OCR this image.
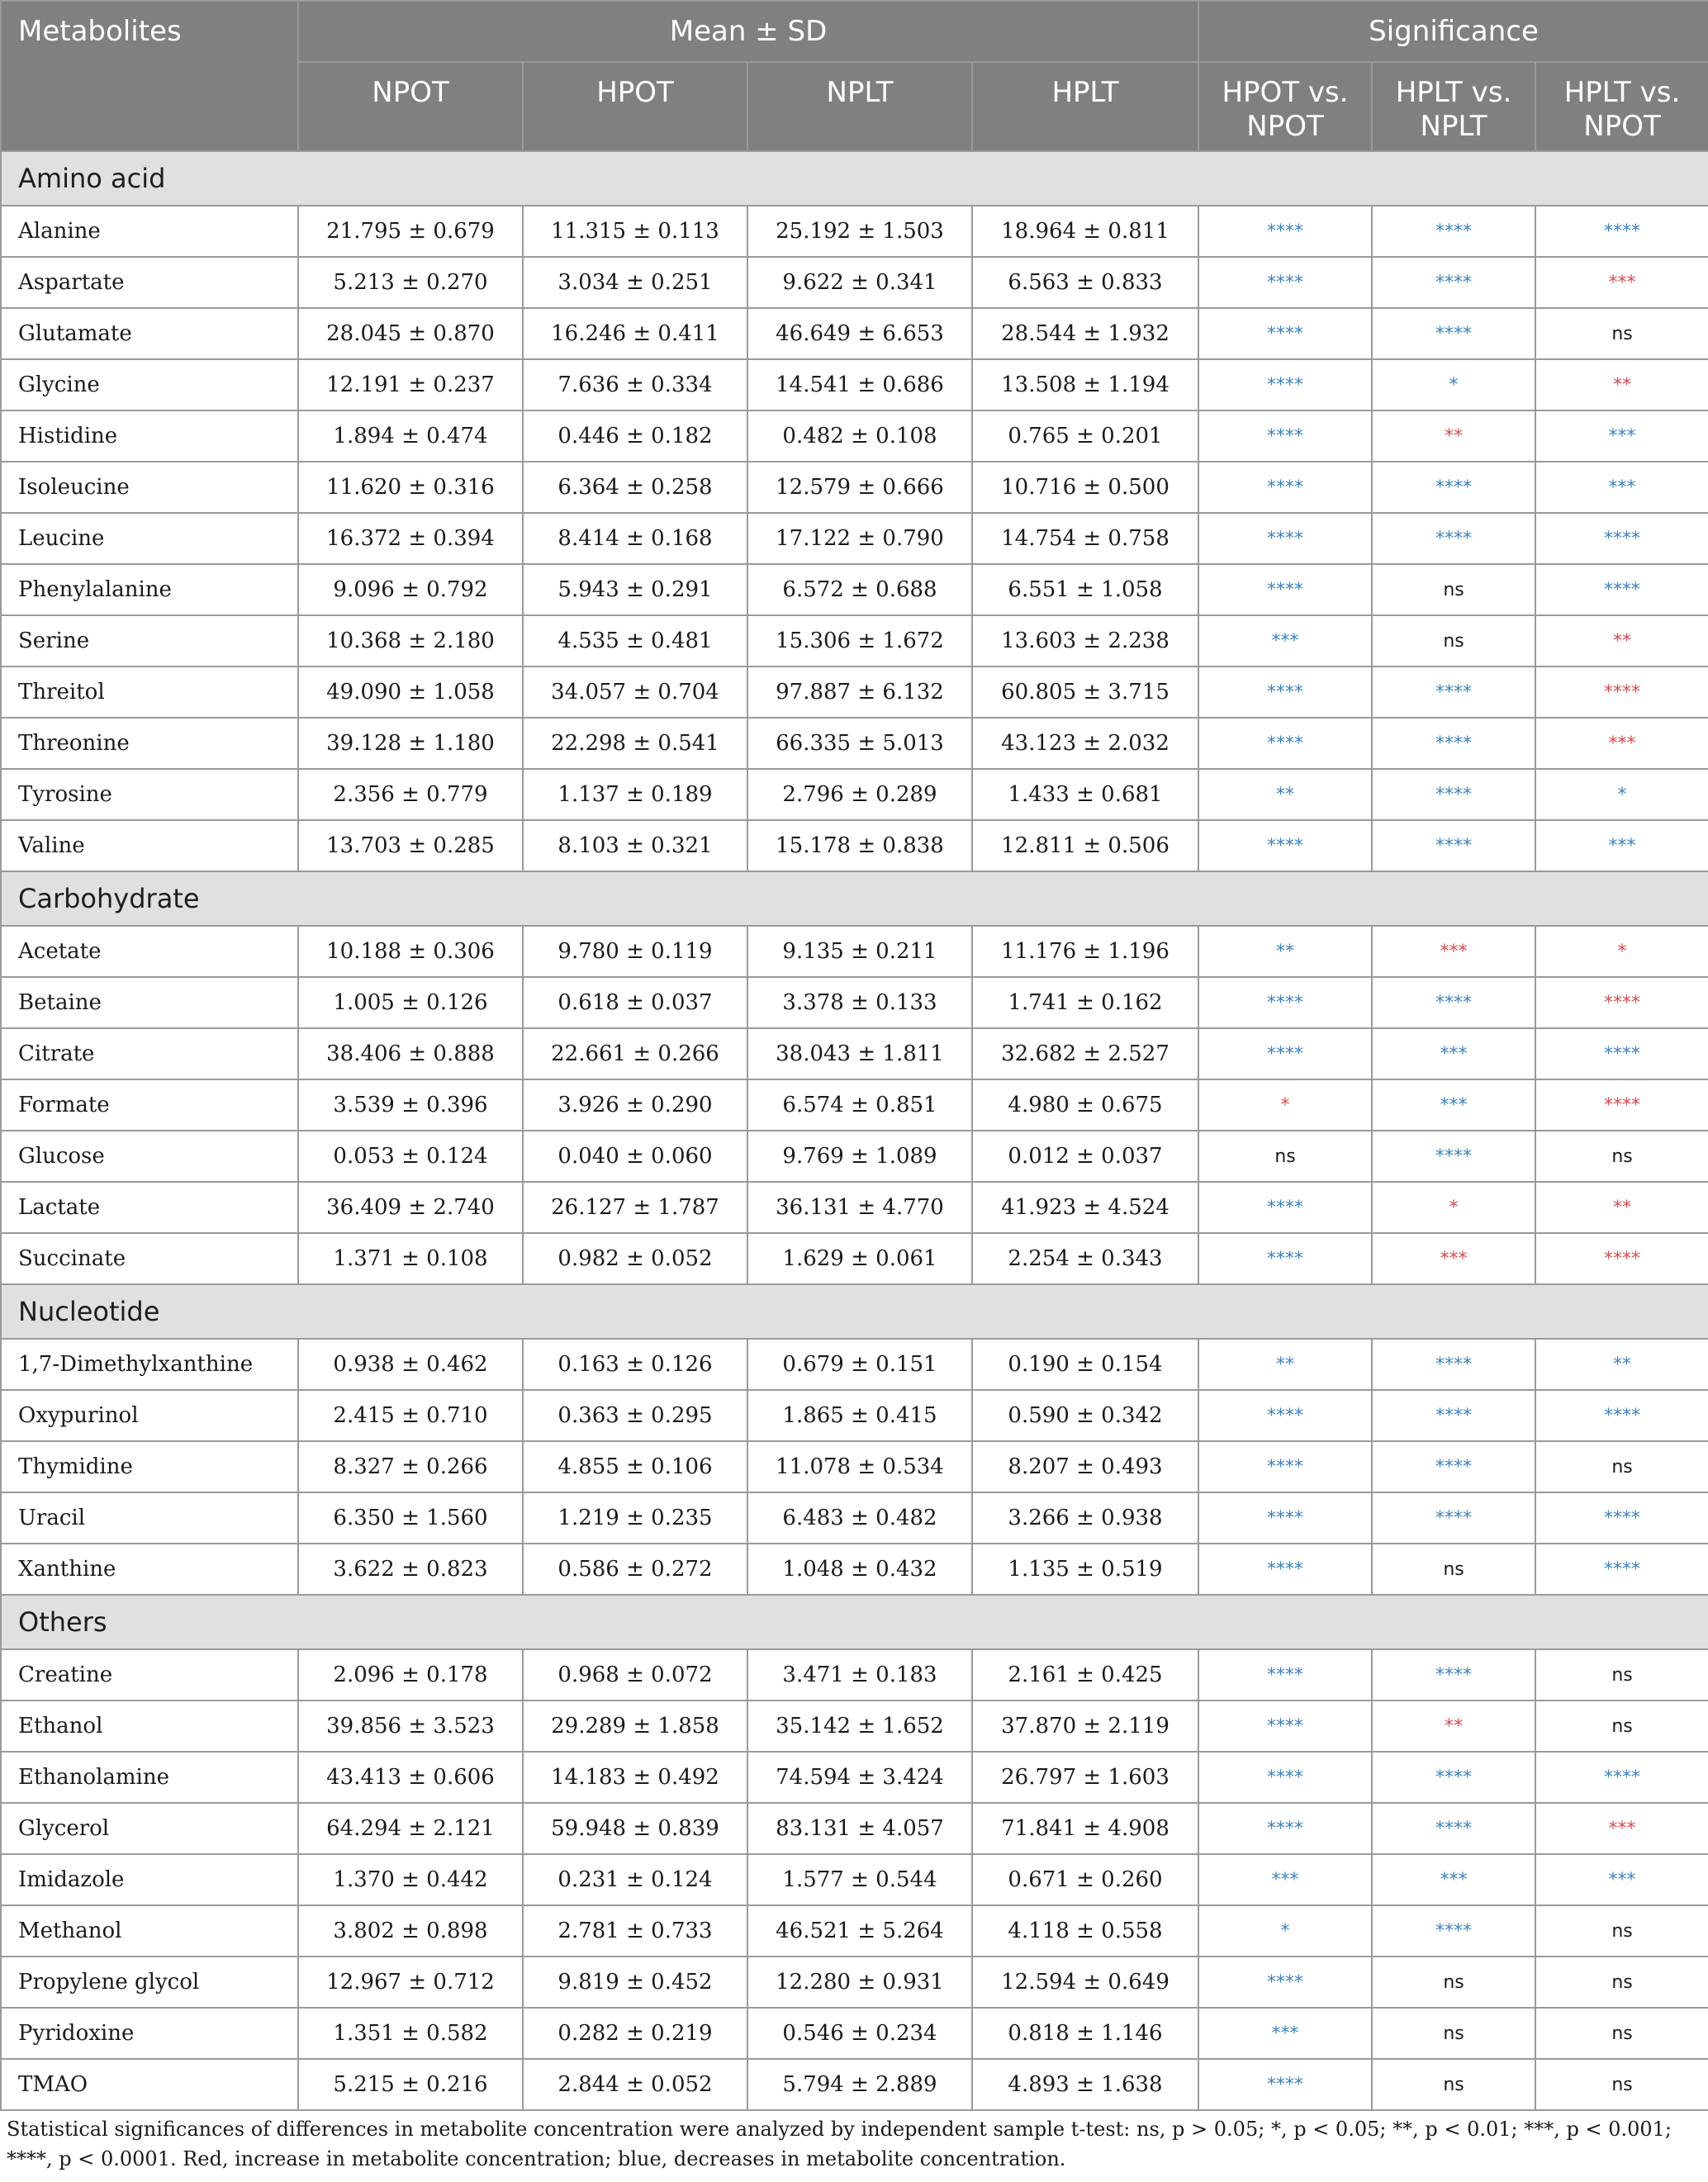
Metabolites	Mean ± SD				Significance		
	NPOT	HPOT	NPLT	HPLT	HPOT vs. NPOT	HPLT vs. NPLT	HPLT vs. NPOT
Amino acid							
Alanine	21.795 ± 0.679	11.315 ± 0.113	25.192 ± 1.503	18.964 ± 0.811	****	****	****
Aspartate	5.213 ± 0.270	3.034 ± 0.251	9.622 ± 0.341	6.563 ± 0.833	****	****	***
Glutamate	28.045 ± 0.870	16.246 ± 0.411	46.649 ± 6.653	28.544 ± 1.932	****	****	ns
Glycine	12.191 ± 0.237	7.636 ± 0.334	14.541 ± 0.686	13.508 ± 1.194	****	*	**
Histidine	1.894 ± 0.474	0.446 ± 0.182	0.482 ± 0.108	0.765 ± 0.201	****	**	***
Isoleucine	11.620 ± 0.316	6.364 ± 0.258	12.579 ± 0.666	10.716 ± 0.500	****	****	***
Leucine	16.372 ± 0.394	8.414 ± 0.168	17.122 ± 0.790	14.754 ± 0.758	****	****	****
Phenylalanine	9.096 ± 0.792	5.943 ± 0.291	6.572 ± 0.688	6.551 ± 1.058	****	ns	****
Serine	10.368 ± 2.180	4.535 ± 0.481	15.306 ± 1.672	13.603 ± 2.238	***	ns	**
Threitol	49.090 ± 1.058	34.057 ± 0.704	97.887 ± 6.132	60.805 ± 3.715	****	****	****
Threonine	39.128 ± 1.180	22.298 ± 0.541	66.335 ± 5.013	43.123 ± 2.032	****	****	***
Tyrosine	2.356 ± 0.779	1.137 ± 0.189	2.796 ± 0.289	1.433 ± 0.681	**	****	*
Valine	13.703 ± 0.285	8.103 ± 0.321	15.178 ± 0.838	12.811 ± 0.506	****	****	***
Carbohydrate							
Acetate	10.188 ± 0.306	9.780 ± 0.119	9.135 ± 0.211	11.176 ± 1.196	**	***	*
Betaine	1.005 ± 0.126	0.618 ± 0.037	3.378 ± 0.133	1.741 ± 0.162	****	****	****
Citrate	38.406 ± 0.888	22.661 ± 0.266	38.043 ± 1.811	32.682 ± 2.527	****	***	****
Formate	3.539 ± 0.396	3.926 ± 0.290	6.574 ± 0.851	4.980 ± 0.675	*	***	****
Glucose	0.053 ± 0.124	0.040 ± 0.060	9.769 ± 1.089	0.012 ± 0.037	ns	****	ns
Lactate	36.409 ± 2.740	26.127 ± 1.787	36.131 ± 4.770	41.923 ± 4.524	****	*	**
Succinate	1.371 ± 0.108	0.982 ± 0.052	1.629 ± 0.061	2.254 ± 0.343	****	***	****
Nucleotide							
1,7-Dimethylxanthine	0.938 ± 0.462	0.163 ± 0.126	0.679 ± 0.151	0.190 ± 0.154	**	****	**
Oxypurinol	2.415 ± 0.710	0.363 ± 0.295	1.865 ± 0.415	0.590 ± 0.342	****	****	****
Thymidine	8.327 ± 0.266	4.855 ± 0.106	11.078 ± 0.534	8.207 ± 0.493	****	****	ns
Uracil	6.350 ± 1.560	1.219 ± 0.235	6.483 ± 0.482	3.266 ± 0.938	****	****	****
Xanthine	3.622 ± 0.823	0.586 ± 0.272	1.048 ± 0.432	1.135 ± 0.519	****	ns	****
Others							
Creatine	2.096 ± 0.178	0.968 ± 0.072	3.471 ± 0.183	2.161 ± 0.425	****	****	ns
Ethanol	39.856 ± 3.523	29.289 ± 1.858	35.142 ± 1.652	37.870 ± 2.119	****	**	ns
Ethanolamine	43.413 ± 0.606	14.183 ± 0.492	74.594 ± 3.424	26.797 ± 1.603	****	****	****
Glycerol	64.294 ± 2.121	59.948 ± 0.839	83.131 ± 4.057	71.841 ± 4.908	****	****	***
Imidazole	1.370 ± 0.442	0.231 ± 0.124	1.577 ± 0.544	0.671 ± 0.260	***	***	***
Methanol	3.802 ± 0.898	2.781 ± 0.733	46.521 ± 5.264	4.118 ± 0.558	*	****	ns
Propylene glycol	12.967 ± 0.712	9.819 ± 0.452	12.280 ± 0.931	12.594 ± 0.649	****	ns	ns
Pyridoxine	1.351 ± 0.582	0.282 ± 0.219	0.546 ± 0.234	0.818 ± 1.146	***	ns	ns
TMAO	5.215 ± 0.216	2.844 ± 0.052	5.794 ± 2.889	4.893 ± 1.638	****	ns	ns
Statistical significances of differences in metabolite concentration were analyzed by independent sample t-test: ns, p > 0.05; *, p < 0.05; **, p < 0.01; ***, p < 0.001; ****, p < 0.0001. Red, increase in metabolite concentration; blue, decreases in metabolite concentration.
